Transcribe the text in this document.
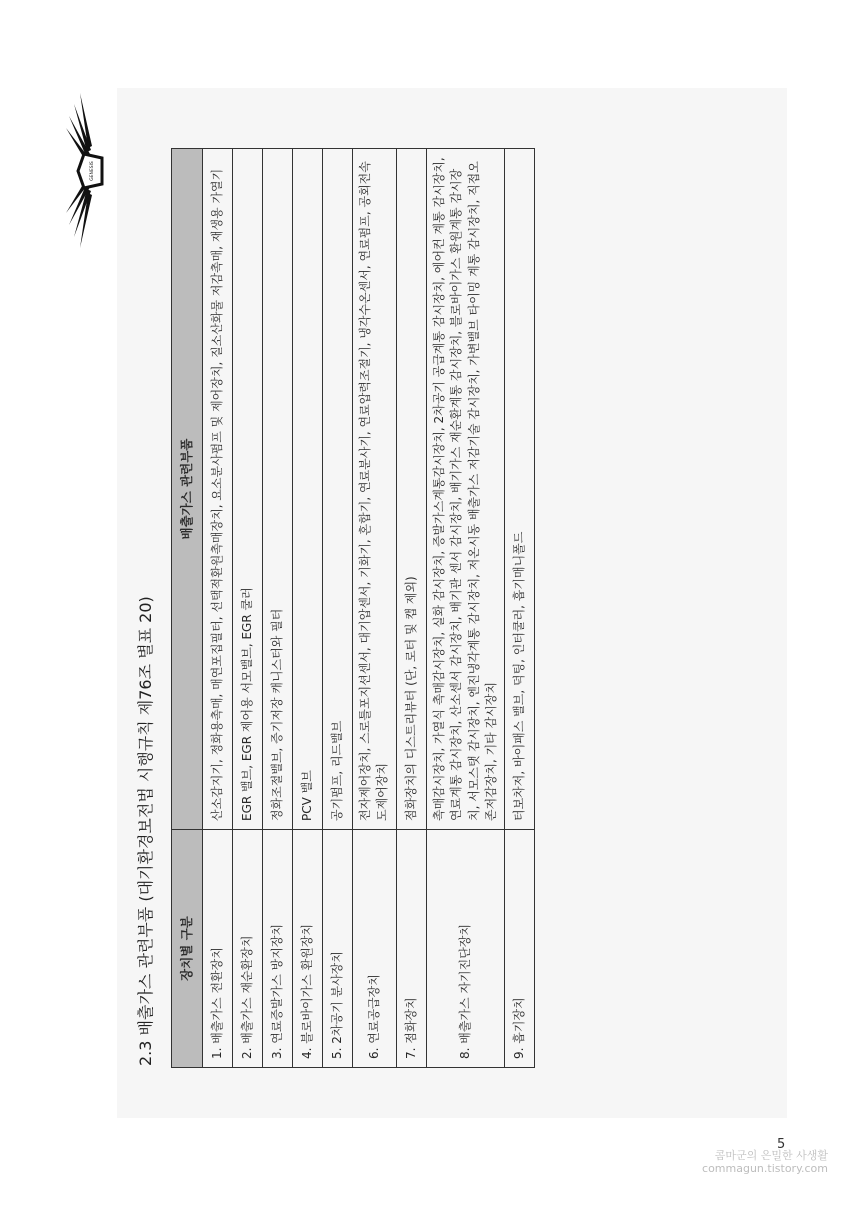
GENESIS
2.3 배출가스 관련부품 (대기환경보전법 시행규칙 제76조 별표 20) 장치별 구분	배출가스 관련부품
1. 배출가스 전환장치	산소감지기, 정화용촉매, 매연포집필터, 선택적환원촉매장치, 요소분사펌프 및 제어장치, 질소산화물 저감촉매, 재생용 가열기
2. 배출가스 재순환장치	EGR 밸브, EGR 제어용 서모밸브, EGR 쿨러
3. 연료증발가스 방지장치	정화조절밸브, 증기저장 캐니스터와 필터
4. 블로바이가스 환원장치	PCV 밸브
5. 2차공기 분사장치	공기펌프, 리드밸브
6. 연료공급장치	전자제어장치, 스로틀포지션센서, 대기압센서, 기화기, 혼합기, 연료분사기, 연료압력조절기, 냉각수온센서, 연료펌프, 공회전속도제어장치
7. 점화장치	점화장치의 디스트리뷰터 (단, 로터 및 캡 제외)
8. 배출가스 자기진단장치	촉매감시장치, 가열식 촉매감시장치, 실화 감시장치, 증발가스계통감시장치, 2차공기 공급계통 감시장치, 에어컨 계통 감시장치, 연료계통 감시장치, 산소센서 감시장치, 배기관 센서 감시장치, 배기가스 재순환계통 감시장치, 블로바이가스 환원계통 감시장치, 서모스탯 감시장치, 엔진냉각계통 감시장치, 저온시동 배출가스 저감기술 감시장치, 가변밸브 타이밍 계통 감시장치, 직접오존저감장치, 기타 감시장치
9. 흡기장치	터보차저, 바이패스 밸브, 덕팅, 인터쿨러, 흡기매니폴드
5
콤마군의 은밀한 사생활
commagun.tistory.com
